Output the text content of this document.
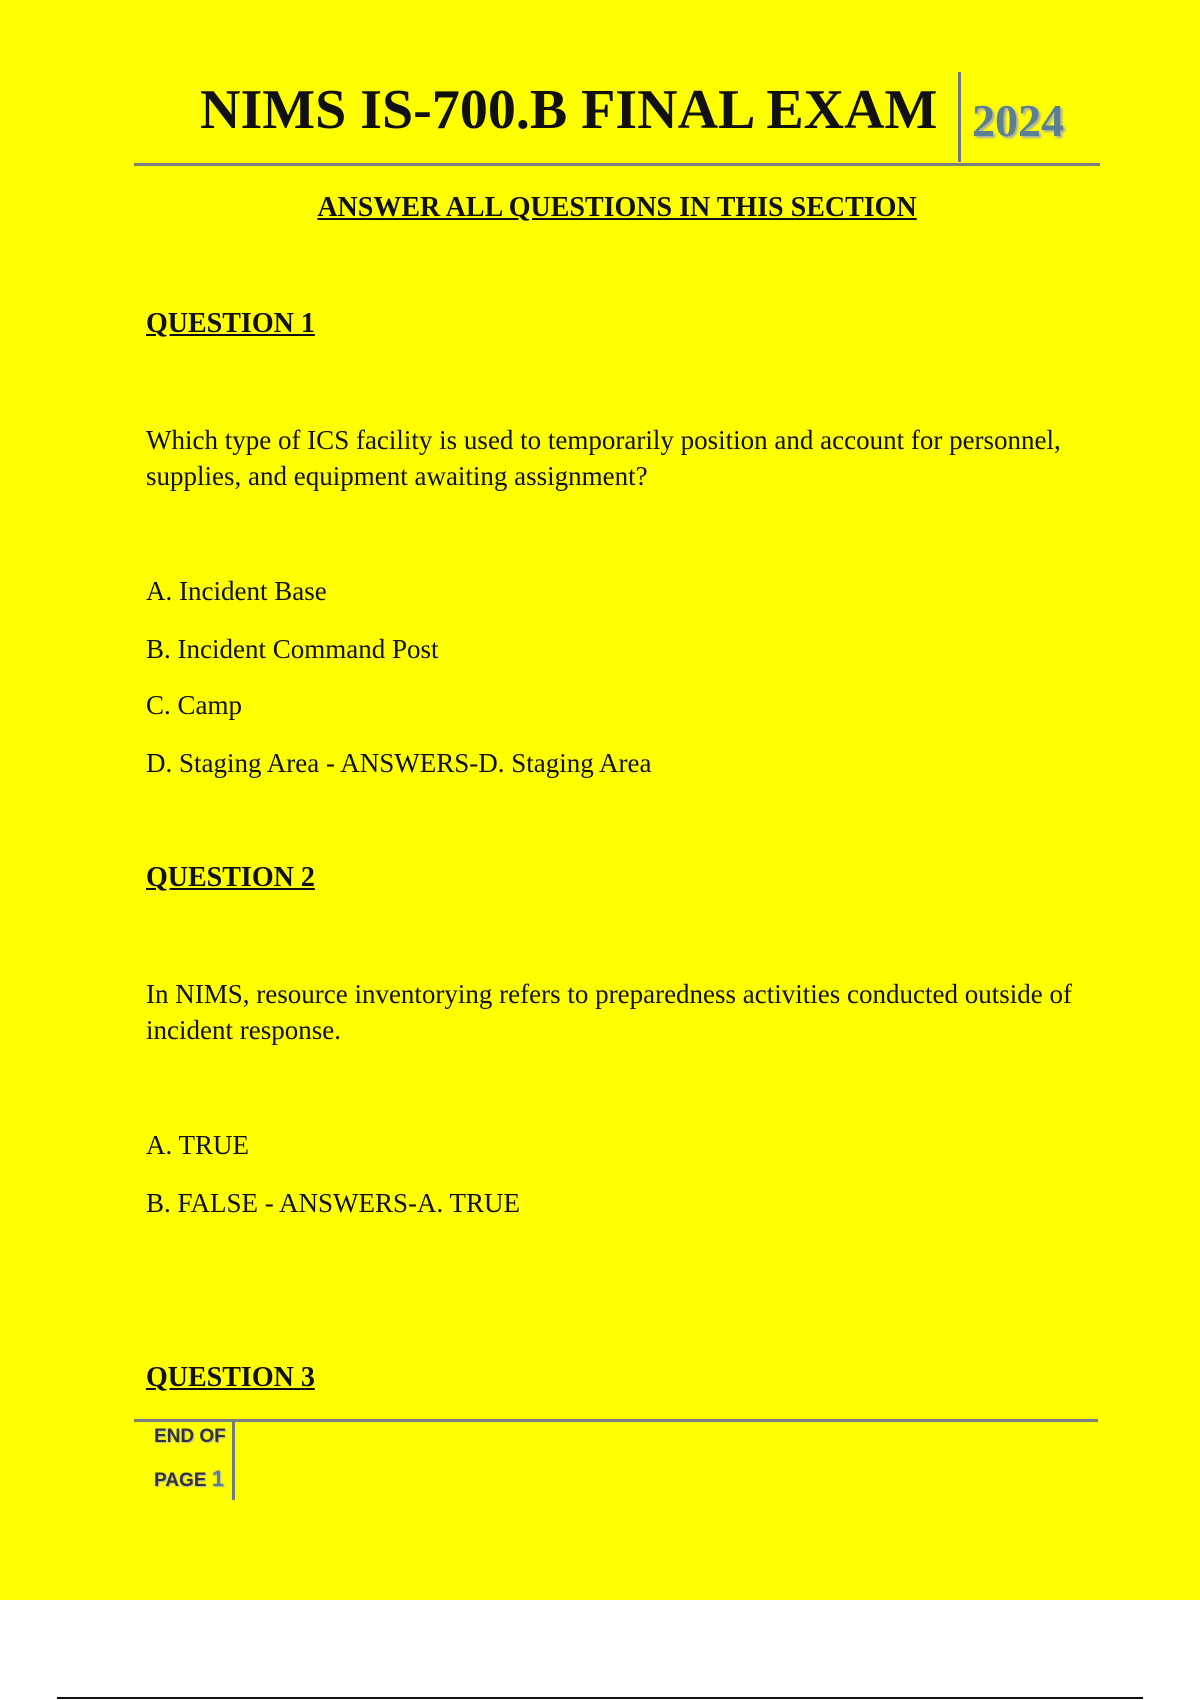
NIMS IS-700.B FINAL EXAM 2024
ANSWER ALL QUESTIONS IN THIS SECTION
QUESTION 1
Which type of ICS facility is used to temporarily position and account for personnel, supplies, and equipment awaiting assignment?
A. Incident Base
B. Incident Command Post
C. Camp
D. Staging Area - ANSWERS-D. Staging Area
QUESTION 2
In NIMS, resource inventorying refers to preparedness activities conducted outside of incident response.
A. TRUE
B. FALSE - ANSWERS-A. TRUE
QUESTION 3
END OF
PAGE 1
